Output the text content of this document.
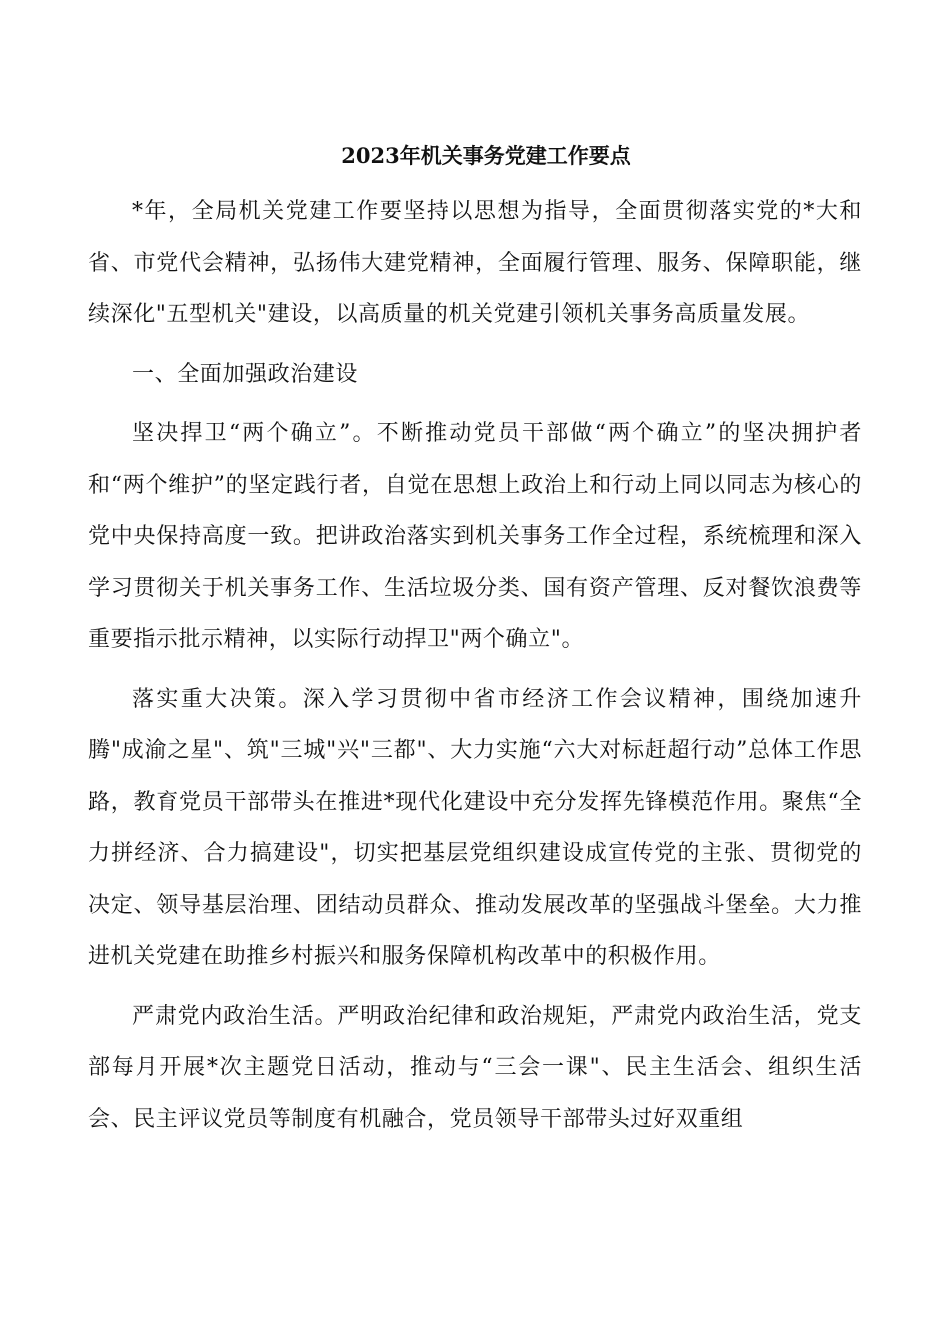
2023年机关事务党建工作要点

*年，全局机关党建工作要坚持以思想为指导，全面贯彻落实党的*大和省、市党代会精神，弘扬伟大建党精神，全面履行管理、服务、保障职能，继续深化"五型机关"建设，以高质量的机关党建引领机关事务高质量发展。

一、全面加强政治建设

坚决捍卫“两个确立”。不断推动党员干部做“两个确立”的坚决拥护者和“两个维护”的坚定践行者，自觉在思想上政治上和行动上同以同志为核心的党中央保持高度一致。把讲政治落实到机关事务工作全过程，系统梳理和深入学习贯彻关于机关事务工作、生活垃圾分类、国有资产管理、反对餐饮浪费等重要指示批示精神，以实际行动捍卫"两个确立"。

落实重大决策。深入学习贯彻中省市经济工作会议精神，围绕加速升腾"成渝之星"、筑"三城"兴"三都"、大力实施“六大对标赶超行动”总体工作思路，教育党员干部带头在推进*现代化建设中充分发挥先锋模范作用。聚焦“全力拼经济、合力搞建设"，切实把基层党组织建设成宣传党的主张、贯彻党的决定、领导基层治理、团结动员群众、推动发展改革的坚强战斗堡垒。大力推进机关党建在助推乡村振兴和服务保障机构改革中的积极作用。

严肃党内政治生活。严明政治纪律和政治规矩，严肃党内政治生活，党支部每月开展*次主题党日活动，推动与“三会一课"、民主生活会、组织生活会、民主评议党员等制度有机融合，党员领导干部带头过好双重组
